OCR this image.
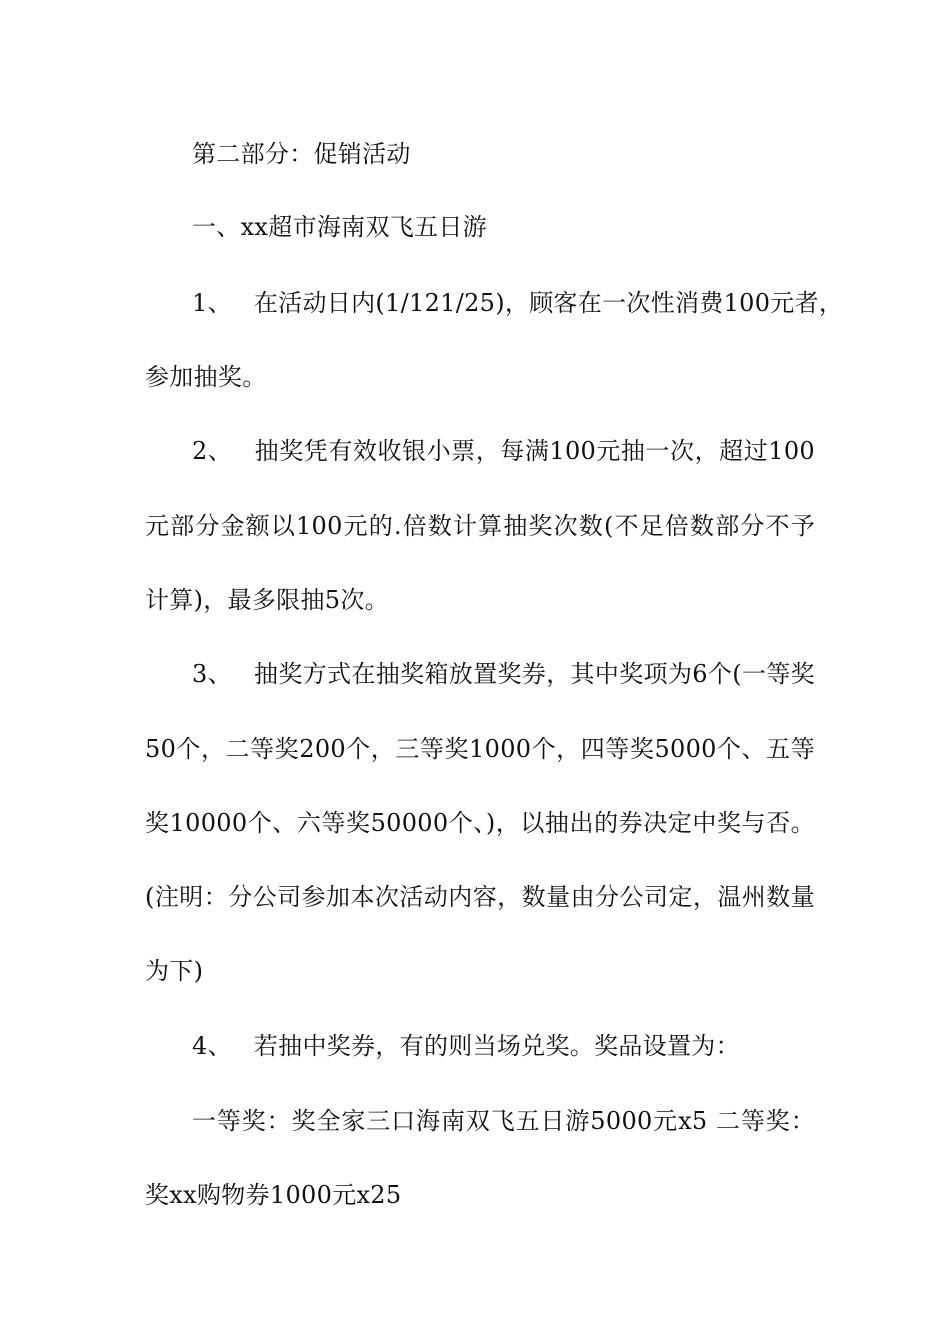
第二部分：促销活动
一、xx超市海南双飞五日游
1、 在活动日内(1/121/25)，顾客在一次性消费100元者，
参加抽奖。
2、 抽奖凭有效收银小票，每满100元抽一次，超过100
元部分金额以100元的.倍数计算抽奖次数(不足倍数部分不予
计算)，最多限抽5次。
3、 抽奖方式在抽奖箱放置奖券，其中奖项为6个(一等奖
50个，二等奖200个，三等奖1000个，四等奖5000个、五等
奖10000个、六等奖50000个、)，以抽出的券决定中奖与否。
(注明：分公司参加本次活动内容，数量由分公司定，温州数量
为下)
4、 若抽中奖券，有的则当场兑奖。奖品设置为：
一等奖：奖全家三口海南双飞五日游5000元x5 二等奖：
奖xx购物券1000元x25
